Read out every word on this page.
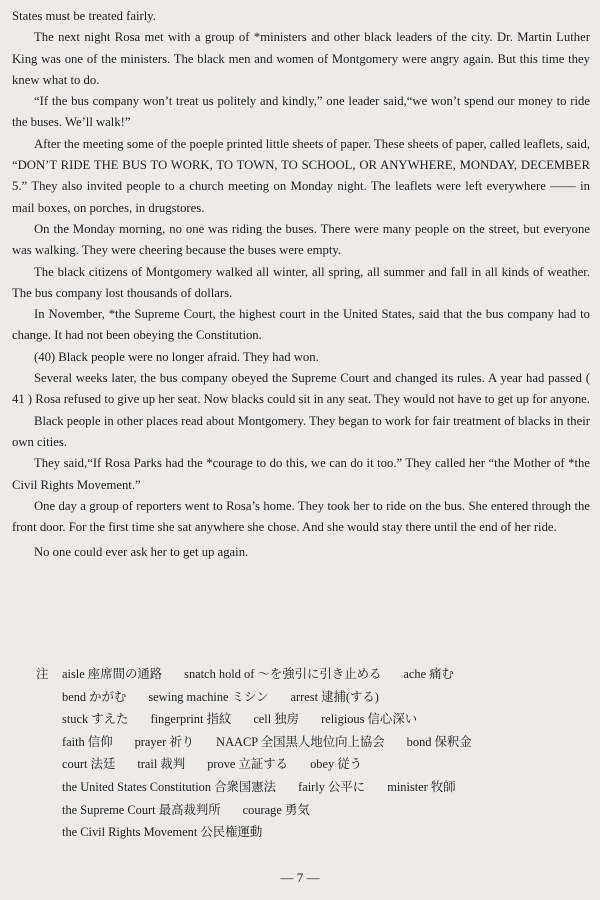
States must be treated fairly.

The next night Rosa met with a group of *ministers and other black leaders of the city. Dr. Martin Luther King was one of the ministers. The black men and women of Montgomery were angry again. But this time they knew what to do.

“If the bus company won’t treat us politely and kindly,” one leader said,“we won’t spend our money to ride the buses. We’ll walk!”

After the meeting some of the poeple printed little sheets of paper. These sheets of paper, called leaflets, said, “DON’T RIDE THE BUS TO WORK, TO TOWN, TO SCHOOL, OR ANYWHERE, MONDAY, DECEMBER 5.” They also invited people to a church meeting on Monday night. The leaflets were left everywhere —— in mail boxes, on porches, in drugstores.

On the Monday morning, no one was riding the buses. There were many people on the street, but everyone was walking. They were cheering because the buses were empty.

The black citizens of Montgomery walked all winter, all spring, all summer and fall in all kinds of weather. The bus company lost thousands of dollars.

In November, *the Supreme Court, the highest court in the United States, said that the bus company had to change. It had not been obeying the Constitution.

(40) Black people were no longer afraid. They had won.

Several weeks later, the bus company obeyed the Supreme Court and changed its rules. A year had passed ( 41 ) Rosa refused to give up her seat. Now blacks could sit in any seat. They would not have to get up for anyone.

Black people in other places read about Montgomery. They began to work for fair treatment of blacks in their own cities.

They said,“If Rosa Parks had the *courage to do this, we can do it too.” They called her “the Mother of *the Civil Rights Movement.”

One day a group of reporters went to Rosa’s home. They took her to ride on the bus. She entered through the front door. For the first time she sat anywhere she chose. And she would stay there until the end of her ride.

No one could ever ask her to get up again.

注	aisle 座席間の通路 snatch hold of ～を強引に引き止める ache 痛む
bend かがむ sewing machine ミシン arrest 逮捕(する)
stuck すえた fingerprint 指紋 cell 独房 religious 信心深い
faith 信仰 prayer 祈り NAACP 全国黒人地位向上協会 bond 保釈金
court 法廷 trail 裁判 prove 立証する obey 従う
the United States Constitution 合衆国憲法 fairly 公平に minister 牧師
the Supreme Court 最高裁判所 courage 勇気
the Civil Rights Movement 公民権運動
— 7 —
